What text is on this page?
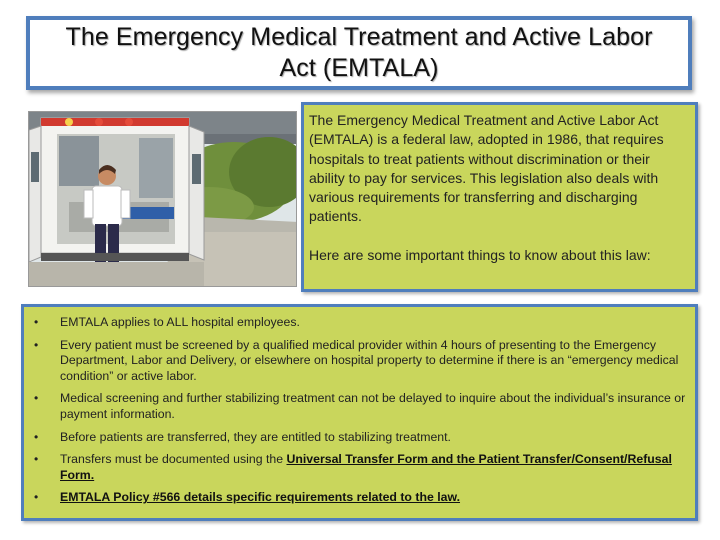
The Emergency Medical Treatment and Active Labor Act (EMTALA)

The Emergency Medical Treatment and Active Labor Act (EMTALA) is a federal law, adopted in 1986, that requires hospitals to treat patients without discrimination or their ability to pay for services. This legislation also deals with various requirements for transferring and discharging patients.

Here are some important things to know about this law:

• EMTALA applies to ALL hospital employees.
• Every patient must be screened by a qualified medical provider within 4 hours of presenting to the Emergency Department, Labor and Delivery, or elsewhere on hospital property to determine if there is an “emergency medical condition” or active labor.
• Medical screening and further stabilizing treatment can not be delayed to inquire about the individual’s insurance or payment information.
• Before patients are transferred, they are entitled to stabilizing treatment.
• Transfers must be documented using the Universal Transfer Form and the Patient Transfer/Consent/Refusal Form.
• EMTALA Policy #566 details specific requirements related to the law.
